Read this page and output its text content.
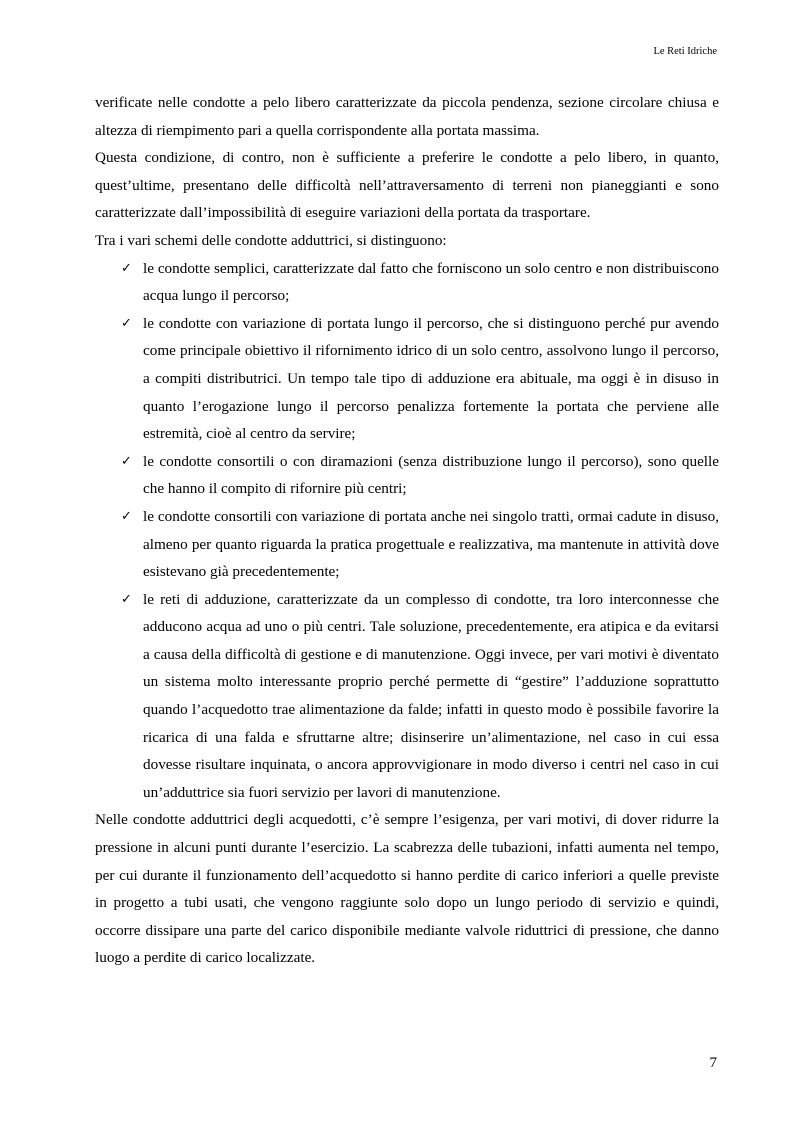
Le Reti Idriche

verificate nelle condotte a pelo libero caratterizzate da piccola pendenza, sezione circolare chiusa e altezza di riempimento pari a quella corrispondente alla portata massima.

Questa condizione, di contro, non è sufficiente a preferire le condotte a pelo libero, in quanto, quest’ultime, presentano delle difficoltà nell’attraversamento di terreni non pianeggianti e sono caratterizzate dall’impossibilità di eseguire variazioni della portata da trasportare.

Tra i vari schemi delle condotte adduttrici, si distinguono:

✓ le condotte semplici, caratterizzate dal fatto che forniscono un solo centro e non distribuiscono acqua lungo il percorso;
✓ le condotte con variazione di portata lungo il percorso, che si distinguono perché pur avendo come principale obiettivo il rifornimento idrico di un solo centro, assolvono lungo il percorso, a compiti distributrici. Un tempo tale tipo di adduzione era abituale, ma oggi è in disuso in quanto l’erogazione lungo il percorso penalizza fortemente la portata che perviene alle estremità, cioè al centro da servire;
✓ le condotte consortili o con diramazioni (senza distribuzione lungo il percorso), sono quelle che hanno il compito di rifornire più centri;
✓ le condotte consortili con variazione di portata anche nei singolo tratti, ormai cadute in disuso, almeno per quanto riguarda la pratica progettuale e realizzativa, ma mantenute in attività dove esistevano già precedentemente;
✓ le reti di adduzione, caratterizzate da un complesso di condotte, tra loro interconnesse che adducono acqua ad uno o più centri. Tale soluzione, precedentemente, era atipica e da evitarsi a causa della difficoltà di gestione e di manutenzione. Oggi invece, per vari motivi è diventato un sistema molto interessante proprio perché permette di “gestire” l’adduzione soprattutto quando l’acquedotto trae alimentazione da falde; infatti in questo modo è possibile favorire la ricarica di una falda e sfruttarne altre; disinserire un’alimentazione, nel caso in cui essa dovesse risultare inquinata, o ancora approvvigionare in modo diverso i centri nel caso in cui un’adduttrice sia fuori servizio per lavori di manutenzione.

Nelle condotte adduttrici degli acquedotti, c’è sempre l’esigenza, per vari motivi, di dover ridurre la pressione in alcuni punti durante l’esercizio. La scabrezza delle tubazioni, infatti aumenta nel tempo, per cui durante il funzionamento dell’acquedotto si hanno perdite di carico inferiori a quelle previste in progetto a tubi usati, che vengono raggiunte solo dopo un lungo periodo di servizio e quindi, occorre dissipare una parte del carico disponibile mediante valvole riduttrici di pressione, che danno luogo a perdite di carico localizzate.

7
